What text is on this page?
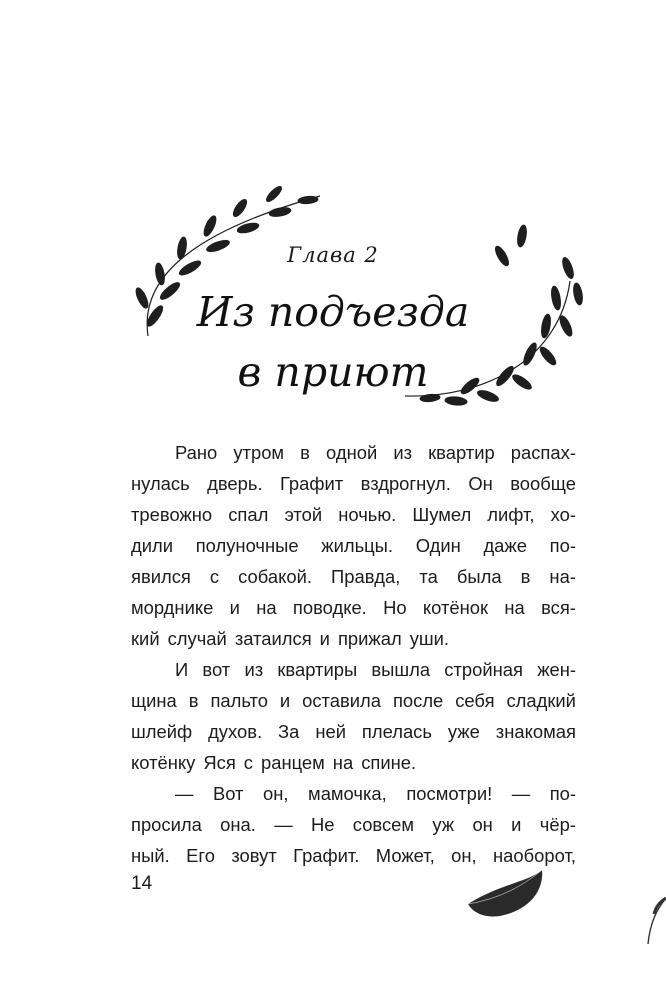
Глава 2
Из подъезда
в приют
Рано утром в одной из квартир распах-
нулась дверь. Графит вздрогнул. Он вообще
тревожно спал этой ночью. Шумел лифт, хо-
дили полуночные жильцы. Один даже по-
явился с собакой. Правда, та была в на-
морднике и на поводке. Но котёнок на вся-
кий случай затаился и прижал уши.
И вот из квартиры вышла стройная жен-
щина в пальто и оставила после себя сладкий
шлейф духов. За ней плелась уже знакомая
котёнку Яся с ранцем на спине.
— Вот он, мамочка, посмотри! — по-
просила она. — Не совсем уж он и чёр-
ный. Его зовут Графит. Может, он, наоборот,
14
